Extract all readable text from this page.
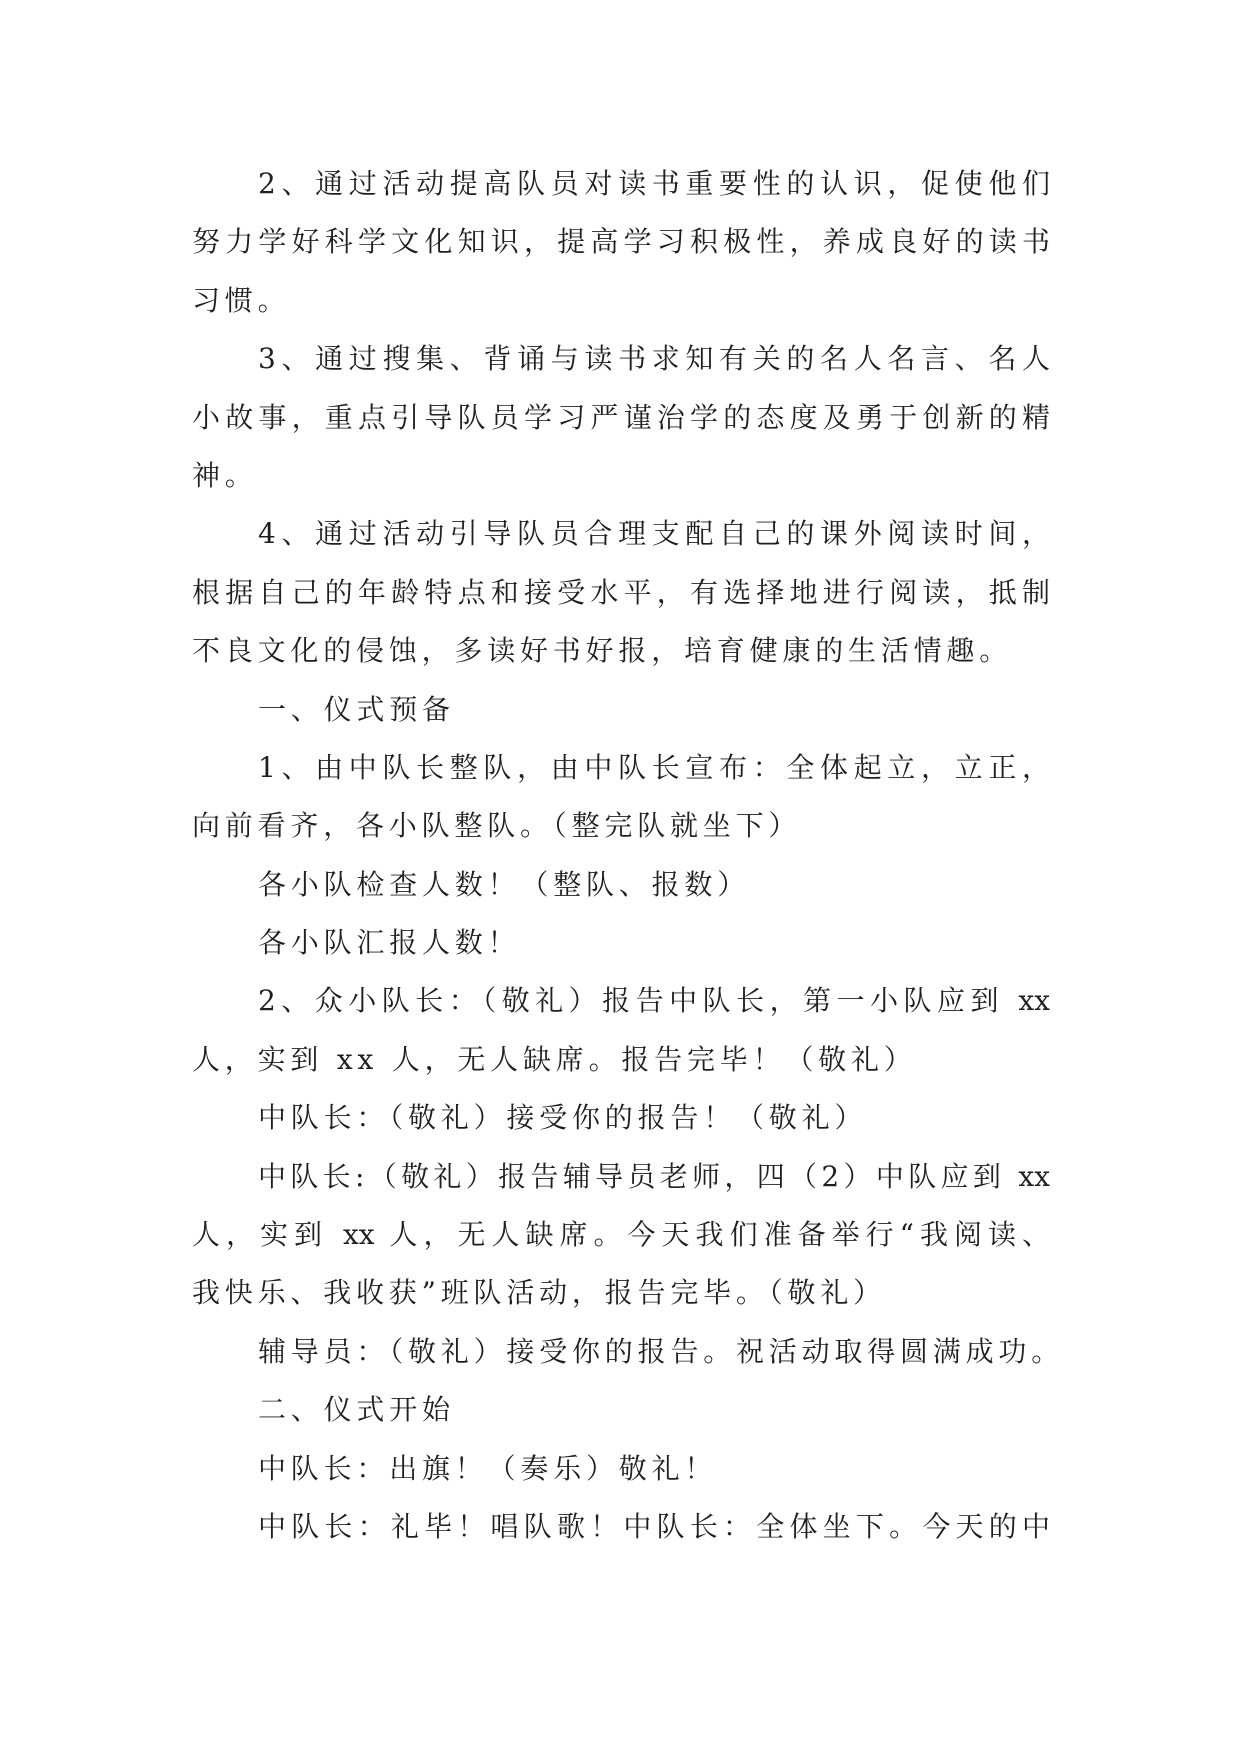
2、通过活动提高队员对读书重要性的认识，促使他们
努力学好科学文化知识，提高学习积极性，养成良好的读书
习惯。
3、通过搜集、背诵与读书求知有关的名人名言、名人
小故事，重点引导队员学习严谨治学的态度及勇于创新的精
神。
4、通过活动引导队员合理支配自己的课外阅读时间，
根据自己的年龄特点和接受水平，有选择地进行阅读，抵制
不良文化的侵蚀，多读好书好报，培育健康的生活情趣。
一、仪式预备
1、由中队长整队，由中队长宣布：全体起立，立正，
向前看齐，各小队整队。（整完队就坐下）
各小队检查人数！（整队、报数）
各小队汇报人数！
2、众小队长：（敬礼）报告中队长，第一小队应到 xx
人，实到 xx 人，无人缺席。报告完毕！（敬礼）
中队长：（敬礼）接受你的报告！（敬礼）
中队长:（敬礼）报告辅导员老师，四（2）中队应到 xx
人，实到 xx 人，无人缺席。今天我们准备举行“我阅读、
我快乐、我收获”班队活动，报告完毕。（敬礼）
辅导员：（敬礼）接受你的报告。祝活动取得圆满成功。
二、仪式开始
中队长：出旗！（奏乐）敬礼！
中队长：礼毕！唱队歌！中队长：全体坐下。今天的中
